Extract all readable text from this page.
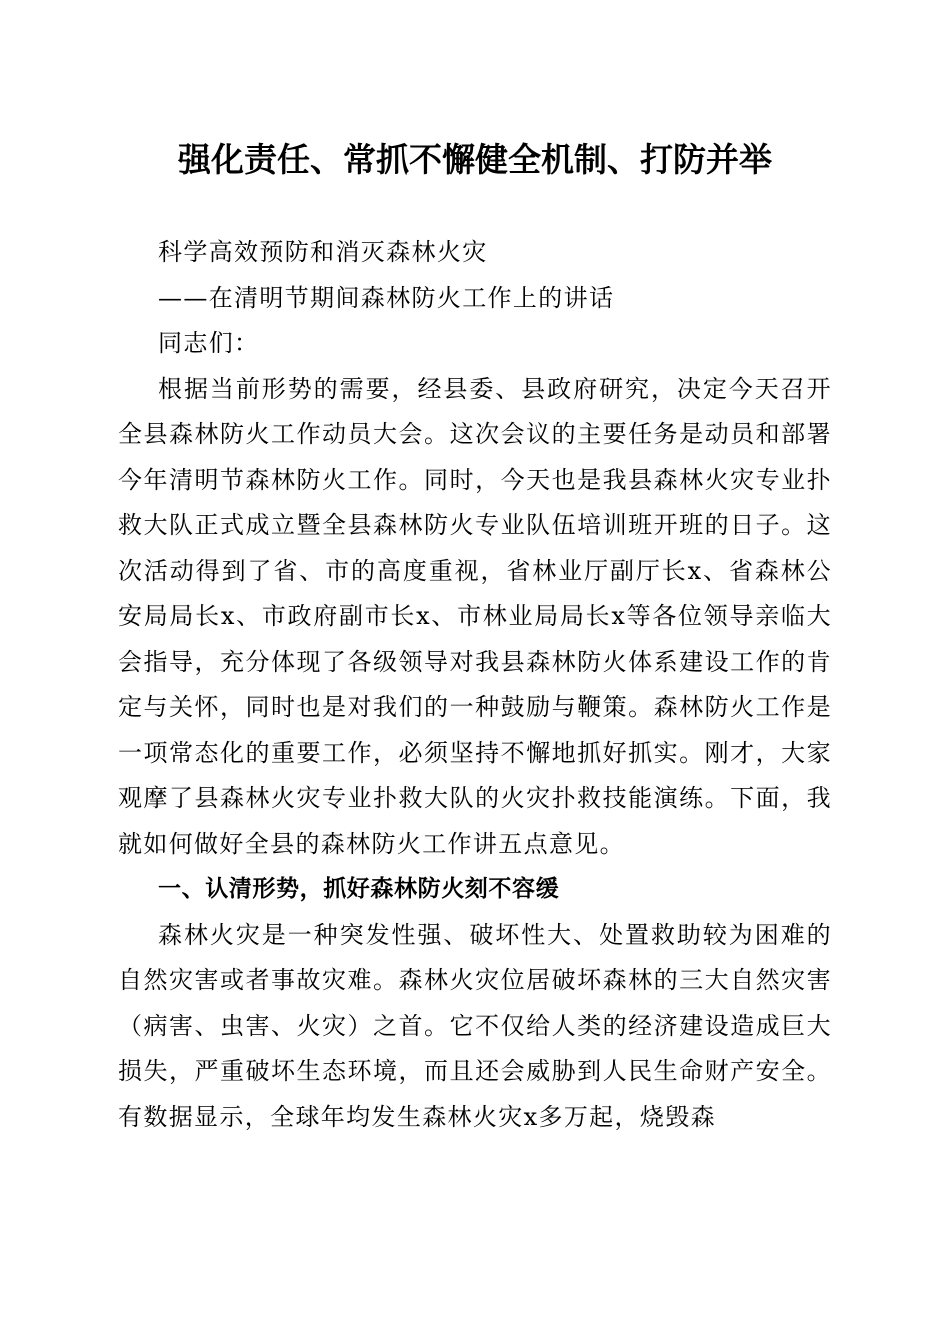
强化责任、常抓不懈健全机制、打防并举

科学高效预防和消灭森林火灾

——在清明节期间森林防火工作上的讲话

同志们：

根据当前形势的需要，经县委、县政府研究，决定今天召开全县森林防火工作动员大会。这次会议的主要任务是动员和部署今年清明节森林防火工作。同时，今天也是我县森林火灾专业扑救大队正式成立暨全县森林防火专业队伍培训班开班的日子。这次活动得到了省、市的高度重视，省林业厅副厅长x、省森林公安局局长x、市政府副市长x、市林业局局长x等各位领导亲临大会指导，充分体现了各级领导对我县森林防火体系建设工作的肯定与关怀，同时也是对我们的一种鼓励与鞭策。森林防火工作是一项常态化的重要工作，必须坚持不懈地抓好抓实。刚才，大家观摩了县森林火灾专业扑救大队的火灾扑救技能演练。下面，我就如何做好全县的森林防火工作讲五点意见。

一、认清形势，抓好森林防火刻不容缓

森林火灾是一种突发性强、破坏性大、处置救助较为困难的自然灾害或者事故灾难。森林火灾位居破坏森林的三大自然灾害（病害、虫害、火灾）之首。它不仅给人类的经济建设造成巨大损失，严重破坏生态环境，而且还会威胁到人民生命财产安全。有数据显示，全球年均发生森林火灾x多万起，烧毁森
